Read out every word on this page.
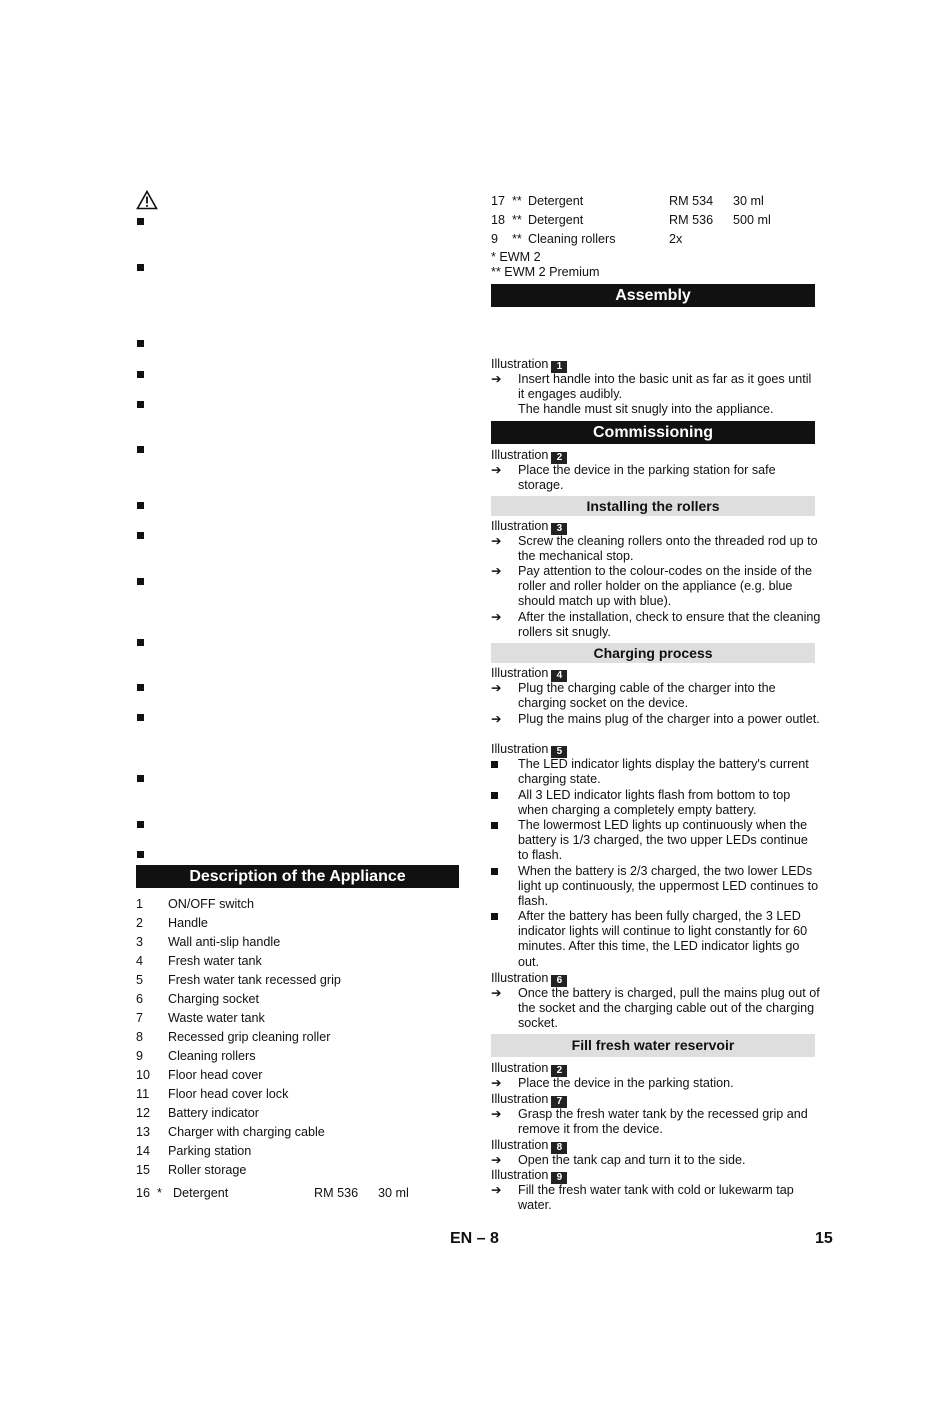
Description of the Appliance
1 ON/OFF switch
2 Handle
3 Wall anti-slip handle
4 Fresh water tank
5 Fresh water tank recessed grip
6 Charging socket
7 Waste water tank
8 Recessed grip cleaning roller
9 Cleaning rollers
10 Floor head cover
11 Floor head cover lock
12 Battery indicator
13 Charger with charging cable
14 Parking station
15 Roller storage
16 * Detergent	RM 536 30 ml
17 ** Detergent	RM 534 30 ml
18 ** Detergent	RM 536 500 ml
9 ** Cleaning rollers	2x
* EWM 2
** EWM 2 Premium
Assembly
Illustration 1
➔ Insert handle into the basic unit as far as it goes until it engages audibly.
The handle must sit snugly into the appliance.
Commissioning
Illustration 2
➔ Place the device in the parking station for safe storage.
Installing the rollers
Illustration 3
➔ Screw the cleaning rollers onto the threaded rod up to the mechanical stop.
➔ Pay attention to the colour-codes on the inside of the roller and roller holder on the appliance (e.g. blue should match up with blue).
➔ After the installation, check to ensure that the cleaning rollers sit snugly.
Charging process
Illustration 4
➔ Plug the charging cable of the charger into the charging socket on the device.
➔ Plug the mains plug of the charger into a power outlet.
Illustration 5
The LED indicator lights display the battery's current charging state.
All 3 LED indicator lights flash from bottom to top when charging a completely empty battery.
The lowermost LED lights up continuously when the battery is 1/3 charged, the two upper LEDs continue to flash.
When the battery is 2/3 charged, the two lower LEDs light up continuously, the uppermost LED continues to flash.
After the battery has been fully charged, the 3 LED indicator lights will continue to light constantly for 60 minutes. After this time, the LED indicator lights go out.
Illustration 6
➔ Once the battery is charged, pull the mains plug out of the socket and the charging cable out of the charging socket.
Fill fresh water reservoir
Illustration 2
➔ Place the device in the parking station.
Illustration 7
➔ Grasp the fresh water tank by the recessed grip and remove it from the device.
Illustration 8
➔ Open the tank cap and turn it to the side.
Illustration 9
➔ Fill the fresh water tank with cold or lukewarm tap water.
EN – 8	15
